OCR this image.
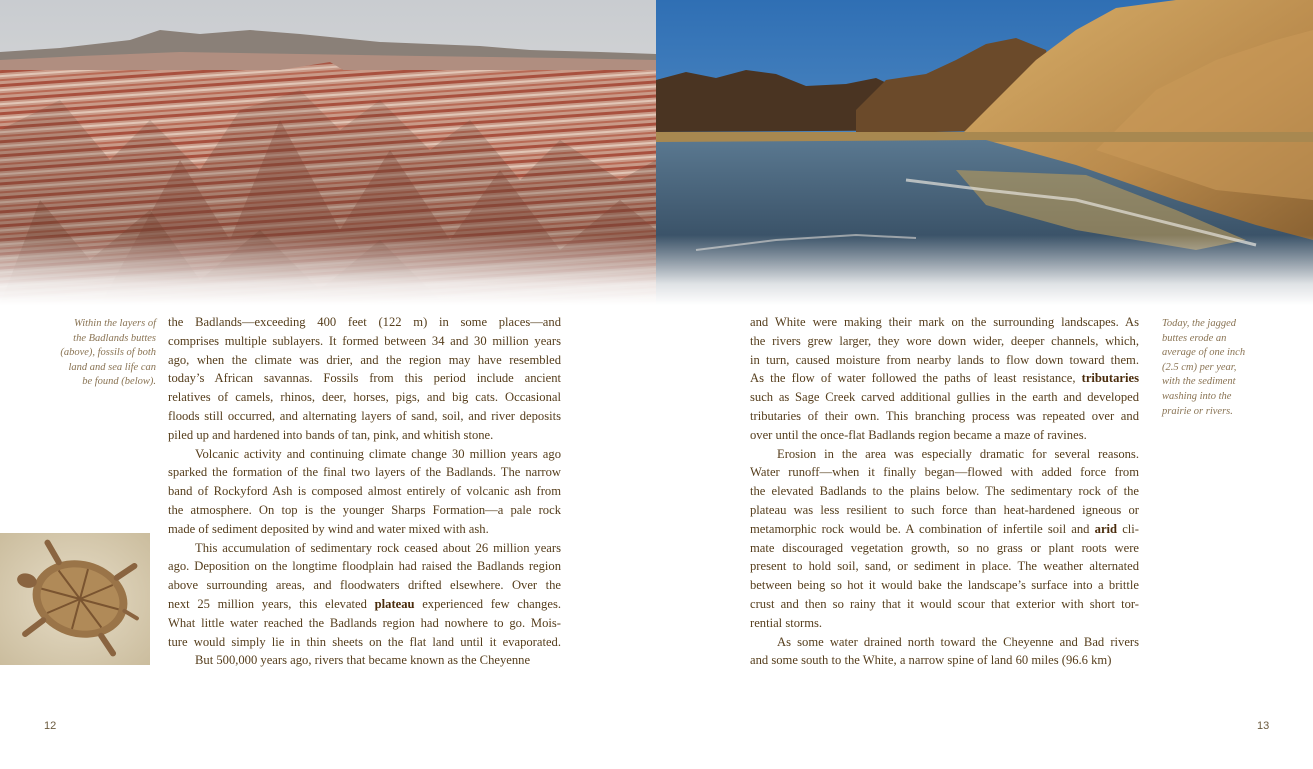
Within the layers of
the Badlands buttes
(above), fossils of both
land and sea life can
be found (below).
Today, the jagged
buttes erode an
average of one inch
(2.5 cm) per year,
with the sediment
washing into the
prairie or rivers.
the Badlands—exceeding 400 feet (122 m) in some places—and
comprises multiple sublayers. It formed between 34 and 30 million years
ago, when the climate was drier, and the region may have resembled
today’s African savannas. Fossils from this period include ancient
relatives of camels, rhinos, deer, horses, pigs, and big cats. Occasional
floods still occurred, and alternating layers of sand, soil, and river deposits
piled up and hardened into bands of tan, pink, and whitish stone.
Volcanic activity and continuing climate change 30 million years ago
sparked the formation of the final two layers of the Badlands. The narrow
band of Rockyford Ash is composed almost entirely of volcanic ash from
the atmosphere. On top is the younger Sharps Formation—a pale rock
made of sediment deposited by wind and water mixed with ash.
This accumulation of sedimentary rock ceased about 26 million years
ago. Deposition on the longtime floodplain had raised the Badlands region
above surrounding areas, and floodwaters drifted elsewhere. Over the
next 25 million years, this elevated plateau experienced few changes.
What little water reached the Badlands region had nowhere to go. Mois-
ture would simply lie in thin sheets on the flat land until it evaporated.
But 500,000 years ago, rivers that became known as the Cheyenne
and White were making their mark on the surrounding landscapes. As
the rivers grew larger, they wore down wider, deeper channels, which,
in turn, caused moisture from nearby lands to flow down toward them.
As the flow of water followed the paths of least resistance, tributaries
such as Sage Creek carved additional gullies in the earth and developed
tributaries of their own. This branching process was repeated over and
over until the once-flat Badlands region became a maze of ravines.
Erosion in the area was especially dramatic for several reasons.
Water runoff—when it finally began—flowed with added force from
the elevated Badlands to the plains below. The sedimentary rock of the
plateau was less resilient to such force than heat-hardened igneous or
metamorphic rock would be. A combination of infertile soil and arid cli-
mate discouraged vegetation growth, so no grass or plant roots were
present to hold soil, sand, or sediment in place. The weather alternated
between being so hot it would bake the landscape’s surface into a brittle
crust and then so rainy that it would scour that exterior with short tor-
rential storms.
As some water drained north toward the Cheyenne and Bad rivers
and some south to the White, a narrow spine of land 60 miles (96.6 km)
12	13
